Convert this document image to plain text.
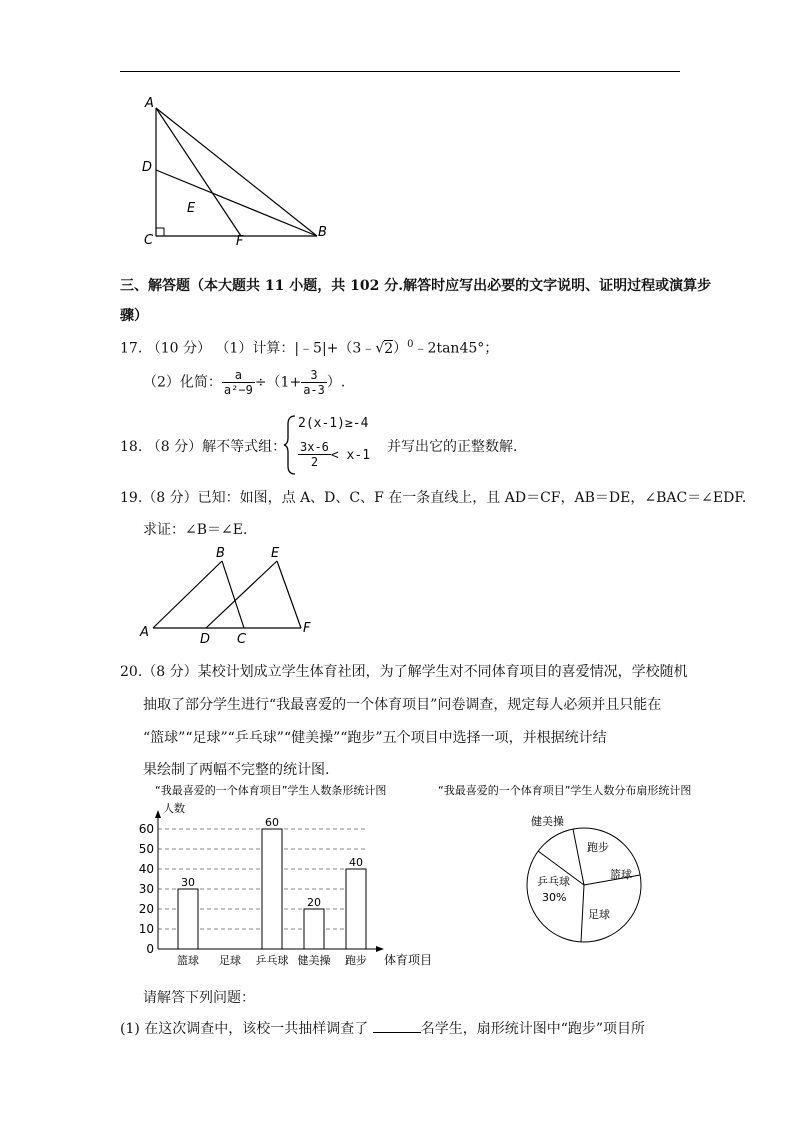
A
D
E
C	F
B
三、解答题（本大题共 11 小题，共 102 分.解答时应写出必要的文字说明、证明过程或演算步
骤）
17. （10 分） （1）计算：|﹣5|+（3﹣√2）$^0$﹣2tan45°；
（2）化简： $\frac{a}{\text{a²−9}} \div(1+ \frac{3}{a-3}$ ）.
18. （8 分）解不等式组：
2(x-1)≥-4
$\frac{3x-6}{2} < x-1$
并写出它的正整数解.
19.（8 分）已知：如图，点 A、D、C、F 在一条直线上，且 AD＝CF，AB＝DE，∠BAC＝∠EDF.
求证：∠B＝∠E.
A
B	E
D C
F
20.（8 分）某校计划成立学生体育社团，为了解学生对不同体育项目的喜爱情况，学校随机
抽取了部分学生进行“我最喜爱的一个体育项目”问卷调查，规定每人必须并且只能在
“篮球”“足球”“乒乓球”“健美操”“跑步”五个项目中选择一项，并根据统计结
果绘制了两幅不完整的统计图.
“我最喜爱的一个体育项目”学生人数条形统计图
人数
0
10
20
30
40
50
60
30
60
20
40
篮球 足球 乒乓球 健美操 跑步 体育项目
“我最喜爱的一个体育项目”学生人数分布扇形统计图
健美操
跑步
篮球
足球
乒乓球
30%
请解答下列问题：
(1) 在这次调查中，该校一共抽样调查了	名学生，扇形统计图中“跑步”项目所
